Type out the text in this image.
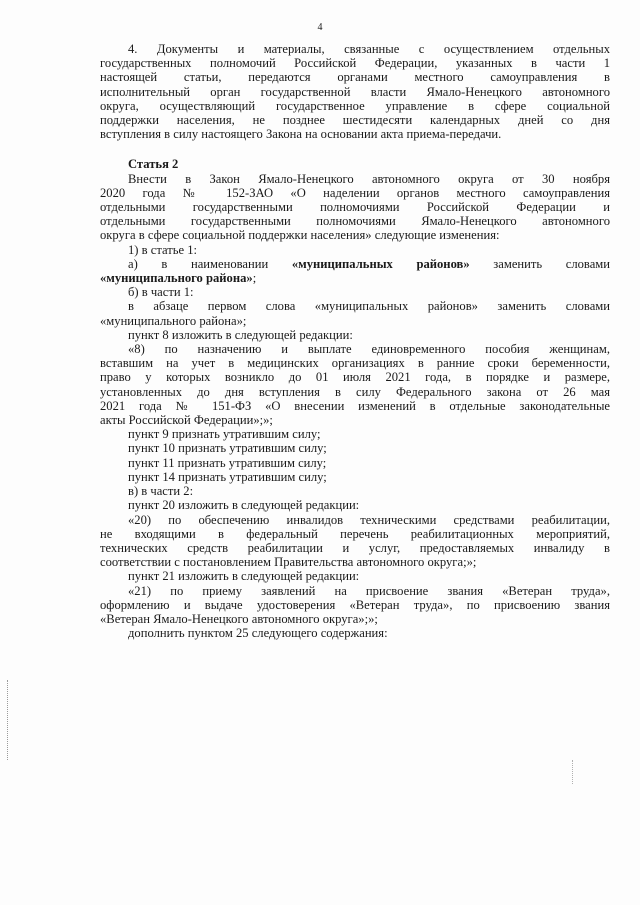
4

4. Документы и материалы, связанные с осуществлением отдельных

государственных полномочий Российской Федерации, указанных в части 1

настоящей статьи, передаются органами местного самоуправления в

исполнительный орган государственной власти Ямало-Ненецкого автономного

округа, осуществляющий государственное управление в сфере социальной

поддержки населения, не позднее шестидесяти календарных дней со дня

вступления в силу настоящего Закона на основании акта приема-передачи.

Статья 2

Внести в Закон Ямало-Ненецкого автономного округа от 30 ноября

2020 года № 152-ЗАО «О наделении органов местного самоуправления

отдельными государственными полномочиями Российской Федерации и

отдельными государственными полномочиями Ямало-Ненецкого автономного

округа в сфере социальной поддержки населения» следующие изменения:

1) в статье 1:

а) в наименовании «муниципальных районов» заменить словами

«муниципального района»;

б) в части 1:

в абзаце первом слова «муниципальных районов» заменить словами

«муниципального района»;

пункт 8 изложить в следующей редакции:

«8) по назначению и выплате единовременного пособия женщинам,

вставшим на учет в медицинских организациях в ранние сроки беременности,

право у которых возникло до 01 июля 2021 года, в порядке и размере,

установленных до дня вступления в силу Федерального закона от 26 мая

2021 года № 151-ФЗ «О внесении изменений в отдельные законодательные

акты Российской Федерации»;»;

пункт 9 признать утратившим силу;

пункт 10 признать утратившим силу;

пункт 11 признать утратившим силу;

пункт 14 признать утратившим силу;

в) в части 2:

пункт 20 изложить в следующей редакции:

«20) по обеспечению инвалидов техническими средствами реабилитации,

не входящими в федеральный перечень реабилитационных мероприятий,

технических средств реабилитации и услуг, предоставляемых инвалиду в

соответствии с постановлением Правительства автономного округа;»;

пункт 21 изложить в следующей редакции:

«21) по приему заявлений на присвоение звания «Ветеран труда»,

оформлению и выдаче удостоверения «Ветеран труда», по присвоению звания

«Ветеран Ямало-Ненецкого автономного округа»;»;

дополнить пунктом 25 следующего содержания:
